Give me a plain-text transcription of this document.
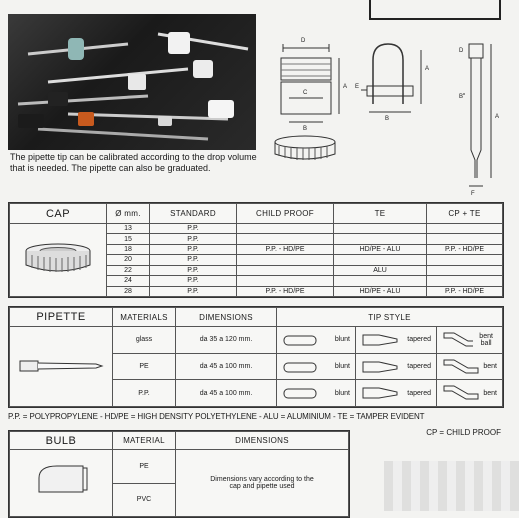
D
C
B
A E
B
A
D
B
A
F
The pipette tip can be calibrated according to the drop volume that is needed. The pipette can also be graduated.
CAP	Ø mm.	STANDARD	CHILD PROOF	TE	CP + TE
	13	P.P.			
	15	P.P.			
	18	P.P.	P.P. - HD/PE	HD/PE - ALU	P.P. - HD/PE
	20	P.P.			
	22	P.P.		ALU	
	24	P.P.			
	28	P.P.	P.P. - HD/PE	HD/PE - ALU	P.P. - HD/PE
PIPETTE	MATERIALS	DIMENSIONS	TIP STYLE		
	glass	da 35 a 120 mm.	blunt	tapered	bent ball

	PE	da 45 a 100 mm.	blunt	tapered	bent

	P.P.	da 45 a 100 mm.	blunt	tapered	bent
P.P. = POLYPROPYLENE - HD/PE = HIGH DENSITY POLYETHYLENE - ALU = ALUMINIUM - TE = TAMPER EVIDENT
CP = CHILD PROOF
BULB	MATERIAL	DIMENSIONS
	PE	Dimensions vary according to the cap and pipette used
	PVC	
